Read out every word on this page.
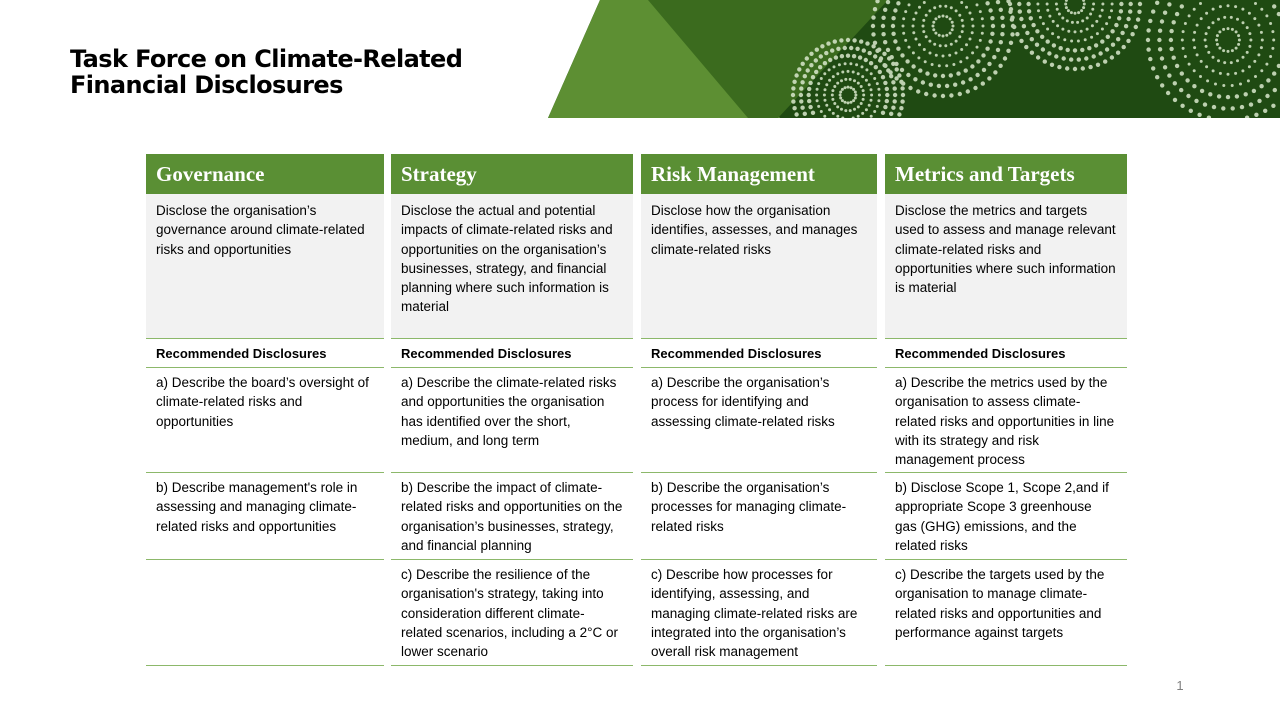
Task Force on Climate-Related
Financial Disclosures
Governance
Disclose the organisation’s governance around climate-related risks and opportunities
Recommended Disclosures
a) Describe the board’s oversight of climate-related risks and opportunities
b) Describe management's role in assessing and managing climate-related risks and opportunities
Strategy
Disclose the actual and potential impacts of climate-related risks and opportunities on the organisation’s businesses, strategy, and financial planning where such information is material
Recommended Disclosures
a) Describe the climate-related risks and opportunities the organisation has identified over the short, medium, and long term
b) Describe the impact of climate-related risks and opportunities on the organisation’s businesses, strategy, and financial planning
c) Describe the resilience of the organisation's strategy, taking into consideration different climate-related scenarios, including a 2°C or lower scenario
Risk Management
Disclose how the organisation identifies, assesses, and manages climate-related risks
Recommended Disclosures
a) Describe the organisation’s process for identifying and assessing climate-related risks
b) Describe the organisation’s processes for managing climate-related risks
c) Describe how processes for identifying, assessing, and managing climate-related risks are integrated into the organisation’s overall risk management
Metrics and Targets
Disclose the metrics and targets used to assess and manage relevant climate-related risks and opportunities where such information is material
Recommended Disclosures
a) Describe the metrics used by the organisation to assess climate-related risks and opportunities in line with its strategy and risk management process
b) Disclose Scope 1, Scope 2,and if appropriate Scope 3 greenhouse gas (GHG) emissions, and the related risks
c) Describe the targets used by the organisation to manage climate-related risks and opportunities and performance against targets
1
